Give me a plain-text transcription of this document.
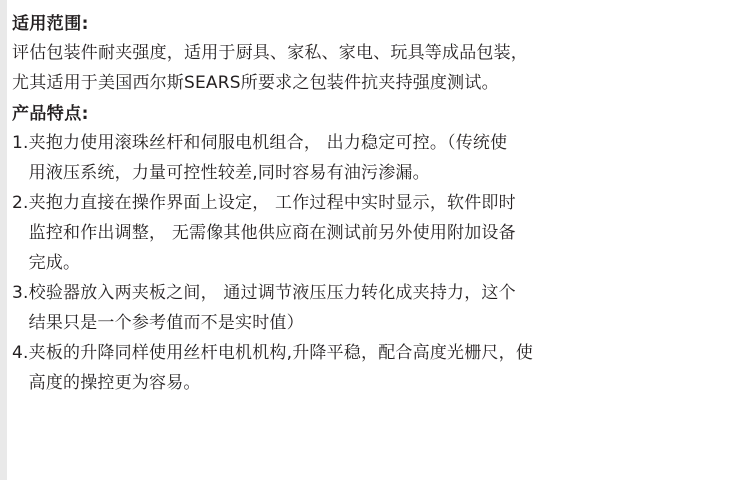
适用范围:
评估包装件耐夹强度，适用于厨具、家私、家电、玩具等成品包装，
尤其适用于美国西尔斯SEARS所要求之包装件抗夹持强度测试。
产品特点:
1. 夹抱力使用滚珠丝杆和伺服电机组合， 出力稳定可控。（传统使
用液压系统，力量可控性较差,同时容易有油污渗漏。
2. 夹抱力直接在操作界面上设定， 工作过程中实时显示，软件即时
监控和作出调整， 无需像其他供应商在测试前另外使用附加设备
完成。
3. 校验器放入两夹板之间， 通过调节液压压力转化成夹持力，这个
结果只是一个参考值而不是实时值）
4. 夹板的升降同样使用丝杆电机机构,升降平稳，配合高度光栅尺，使
高度的操控更为容易。
